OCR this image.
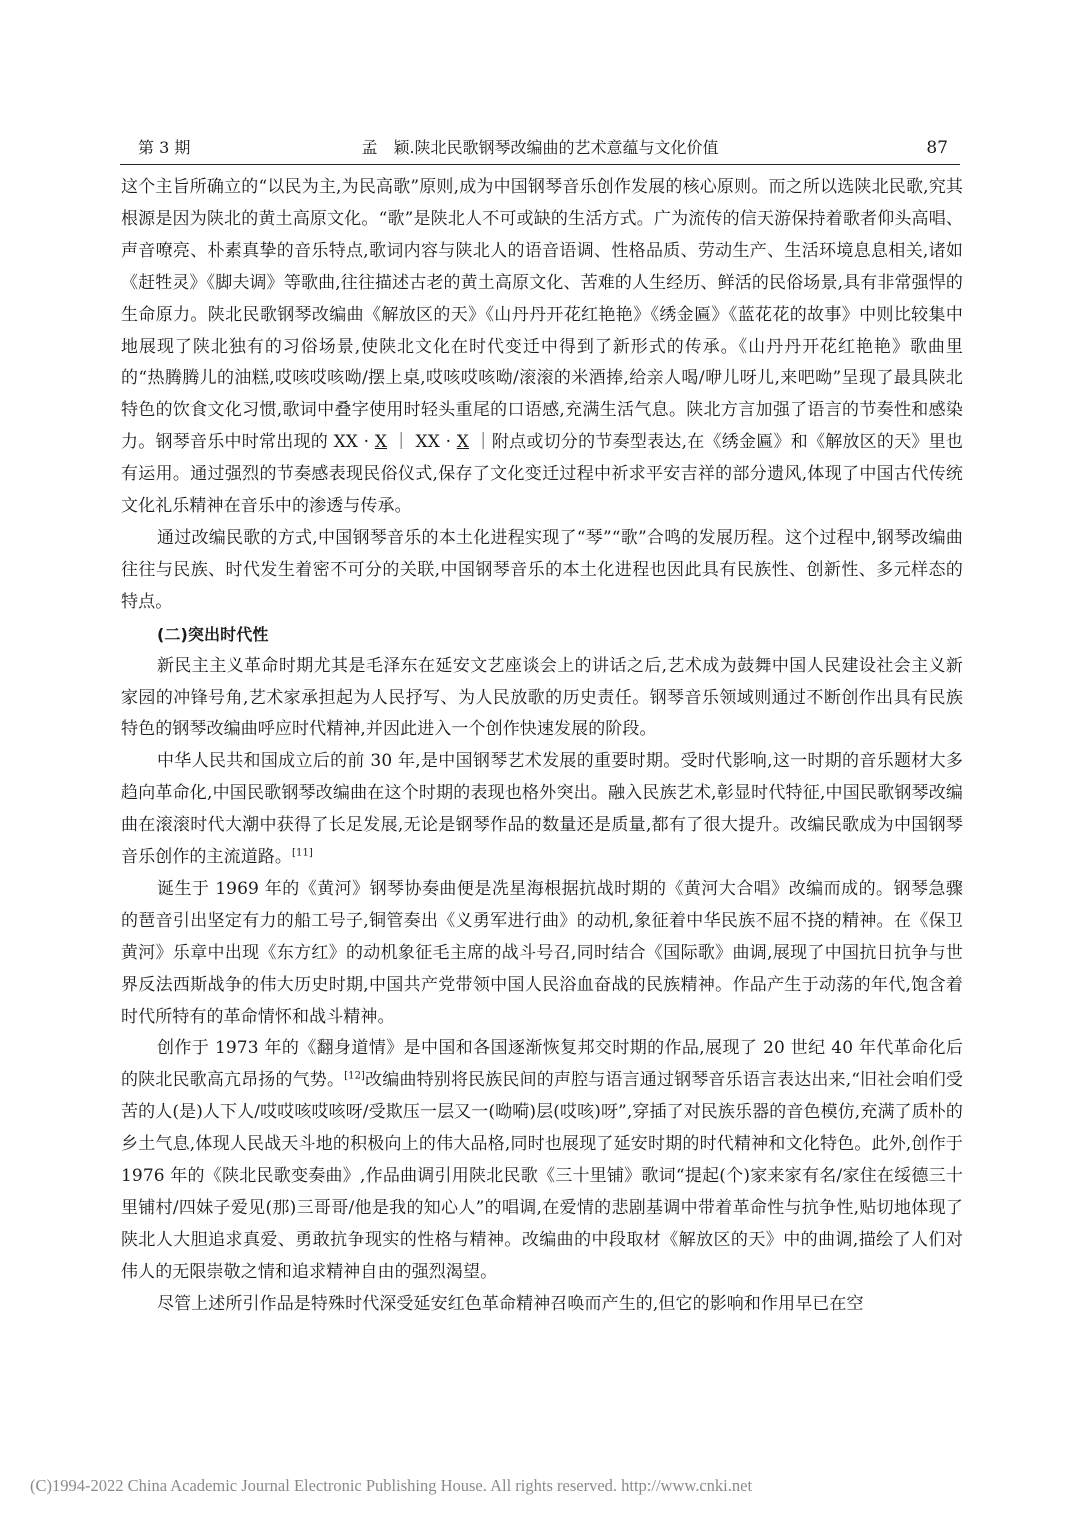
第 3 期	孟　颖.陕北民歌钢琴改编曲的艺术意蕴与文化价值	87

这个主旨所确立的“以民为主,为民高歌”原则,成为中国钢琴音乐创作发展的核心原则。而之所以选陕北民歌,究其根源是因为陕北的黄土高原文化。“歌”是陕北人不可或缺的生活方式。广为流传的信天游保持着歌者仰头高唱、声音嘹亮、朴素真挚的音乐特点,歌词内容与陕北人的语音语调、性格品质、劳动生产、生活环境息息相关,诸如《赶牲灵》《脚夫调》等歌曲,往往描述古老的黄土高原文化、苦难的人生经历、鲜活的民俗场景,具有非常强悍的生命原力。陕北民歌钢琴改编曲《解放区的天》《山丹丹开花红艳艳》《绣金匾》《蓝花花的故事》中则比较集中地展现了陕北独有的习俗场景,使陕北文化在时代变迁中得到了新形式的传承。《山丹丹开花红艳艳》歌曲里的“热腾腾儿的油糕,哎咳哎咳呦/摆上桌,哎咳哎咳呦/滚滚的米酒捧,给亲人喝/咿儿呀儿,来吧呦”呈现了最具陕北特色的饮食文化习惯,歌词中叠字使用时轻头重尾的口语感,充满生活气息。陕北方言加强了语言的节奏性和感染力。钢琴音乐中时常出现的 XX · X ｜ XX · X ｜附点或切分的节奏型表达,在《绣金匾》和《解放区的天》里也有运用。通过强烈的节奏感表现民俗仪式,保存了文化变迁过程中祈求平安吉祥的部分遗风,体现了中国古代传统文化礼乐精神在音乐中的渗透与传承。

通过改编民歌的方式,中国钢琴音乐的本土化进程实现了“琴”“歌”合鸣的发展历程。这个过程中,钢琴改编曲往往与民族、时代发生着密不可分的关联,中国钢琴音乐的本土化进程也因此具有民族性、创新性、多元样态的特点。

(二)突出时代性

新民主主义革命时期尤其是毛泽东在延安文艺座谈会上的讲话之后,艺术成为鼓舞中国人民建设社会主义新家园的冲锋号角,艺术家承担起为人民抒写、为人民放歌的历史责任。钢琴音乐领域则通过不断创作出具有民族特色的钢琴改编曲呼应时代精神,并因此进入一个创作快速发展的阶段。

中华人民共和国成立后的前 30 年,是中国钢琴艺术发展的重要时期。受时代影响,这一时期的音乐题材大多趋向革命化,中国民歌钢琴改编曲在这个时期的表现也格外突出。融入民族艺术,彰显时代特征,中国民歌钢琴改编曲在滚滚时代大潮中获得了长足发展,无论是钢琴作品的数量还是质量,都有了很大提升。改编民歌成为中国钢琴音乐创作的主流道路。[11]

诞生于 1969 年的《黄河》钢琴协奏曲便是冼星海根据抗战时期的《黄河大合唱》改编而成的。钢琴急骤的琶音引出坚定有力的船工号子,铜管奏出《义勇军进行曲》的动机,象征着中华民族不屈不挠的精神。在《保卫黄河》乐章中出现《东方红》的动机象征毛主席的战斗号召,同时结合《国际歌》曲调,展现了中国抗日抗争与世界反法西斯战争的伟大历史时期,中国共产党带领中国人民浴血奋战的民族精神。作品产生于动荡的年代,饱含着时代所特有的革命情怀和战斗精神。

创作于 1973 年的《翻身道情》是中国和各国逐渐恢复邦交时期的作品,展现了 20 世纪 40 年代革命化后的陕北民歌高亢昂扬的气势。[12]改编曲特别将民族民间的声腔与语言通过钢琴音乐语言表达出来,“旧社会咱们受苦的人(是)人下人/哎哎咳哎咳呀/受欺压一层又一(呦嗬)层(哎咳)呀”,穿插了对民族乐器的音色模仿,充满了质朴的乡土气息,体现人民战天斗地的积极向上的伟大品格,同时也展现了延安时期的时代精神和文化特色。此外,创作于 1976 年的《陕北民歌变奏曲》,作品曲调引用陕北民歌《三十里铺》歌词“提起(个)家来家有名/家住在绥德三十里铺村/四妹子爱见(那)三哥哥/他是我的知心人”的唱调,在爱情的悲剧基调中带着革命性与抗争性,贴切地体现了陕北人大胆追求真爱、勇敢抗争现实的性格与精神。改编曲的中段取材《解放区的天》中的曲调,描绘了人们对伟人的无限崇敬之情和追求精神自由的强烈渴望。

尽管上述所引作品是特殊时代深受延安红色革命精神召唤而产生的,但它的影响和作用早已在空

(C)1994-2022 China Academic Journal Electronic Publishing House. All rights reserved. http://www.cnki.net
